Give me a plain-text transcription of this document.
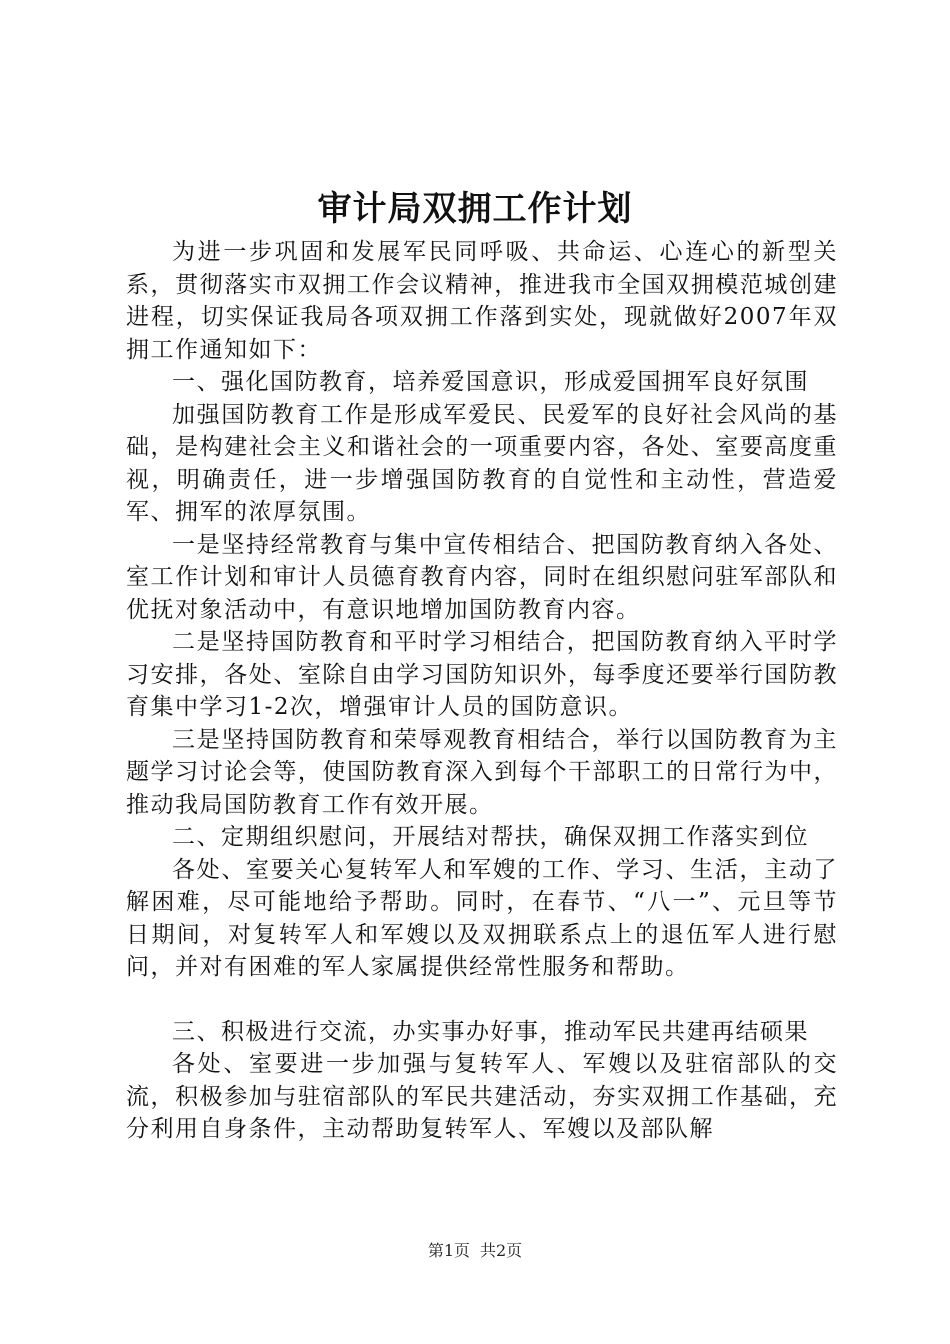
审计局双拥工作计划

为进一步巩固和发展军民同呼吸、共命运、心连心的新型关系，贯彻落实市双拥工作会议精神，推进我市全国双拥模范城创建进程，切实保证我局各项双拥工作落到实处，现就做好2007年双拥工作通知如下：

一、强化国防教育，培养爱国意识，形成爱国拥军良好氛围

加强国防教育工作是形成军爱民、民爱军的良好社会风尚的基础，是构建社会主义和谐社会的一项重要内容，各处、室要高度重视，明确责任，进一步增强国防教育的自觉性和主动性，营造爱军、拥军的浓厚氛围。

一是坚持经常教育与集中宣传相结合、把国防教育纳入各处、室工作计划和审计人员德育教育内容，同时在组织慰问驻军部队和优抚对象活动中，有意识地增加国防教育内容。

二是坚持国防教育和平时学习相结合，把国防教育纳入平时学习安排，各处、室除自由学习国防知识外，每季度还要举行国防教育集中学习1-2次，增强审计人员的国防意识。

三是坚持国防教育和荣辱观教育相结合，举行以国防教育为主题学习讨论会等，使国防教育深入到每个干部职工的日常行为中，推动我局国防教育工作有效开展。

二、定期组织慰问，开展结对帮扶，确保双拥工作落实到位

各处、室要关心复转军人和军嫂的工作、学习、生活，主动了解困难，尽可能地给予帮助。同时，在春节、“八一”、元旦等节日期间，对复转军人和军嫂以及双拥联系点上的退伍军人进行慰问，并对有困难的军人家属提供经常性服务和帮助。

三、积极进行交流，办实事办好事，推动军民共建再结硕果

各处、室要进一步加强与复转军人、军嫂以及驻宿部队的交流，积极参加与驻宿部队的军民共建活动，夯实双拥工作基础，充分利用自身条件，主动帮助复转军人、军嫂以及部队解

第1页 共2页
